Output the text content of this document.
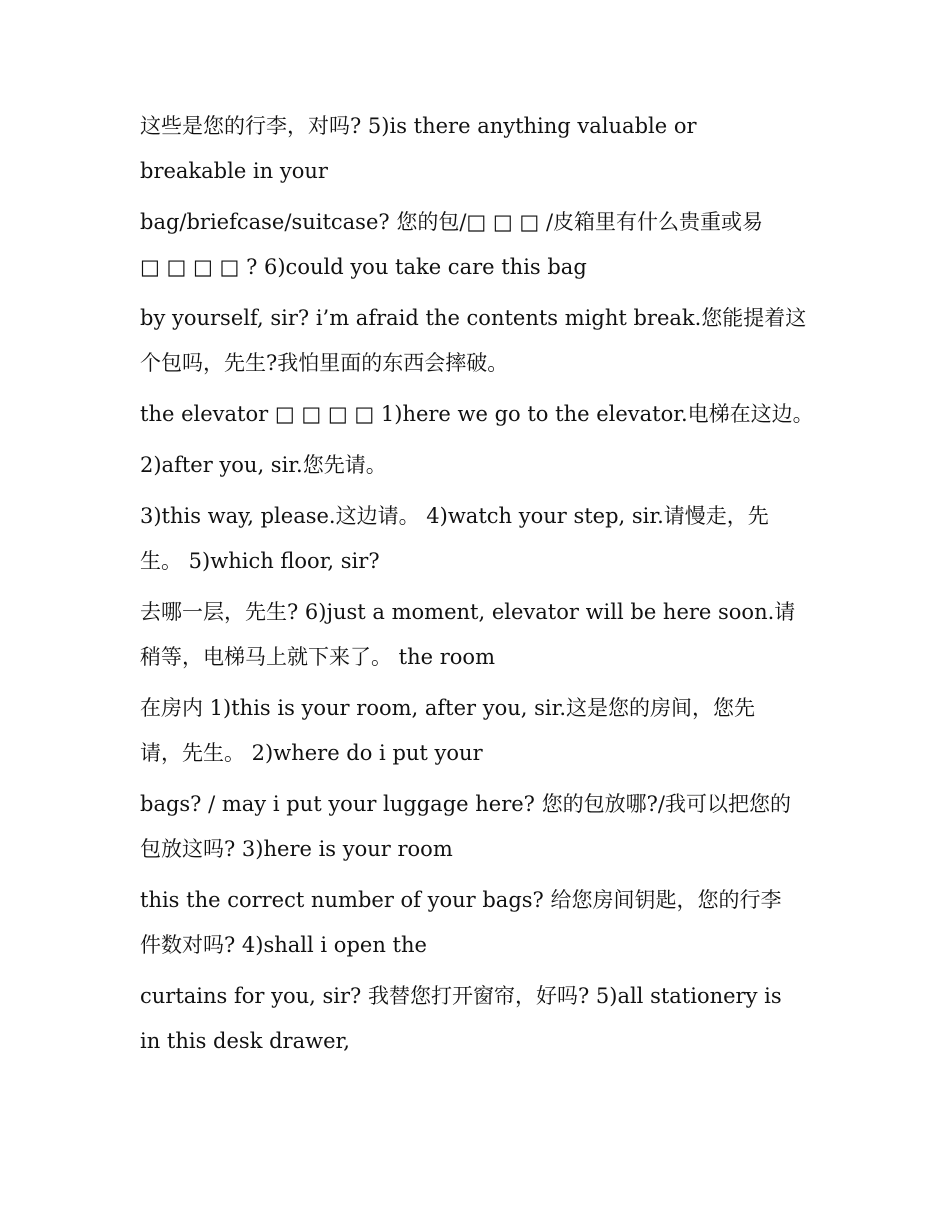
这些是您的行李，对吗? 5)is there anything valuable or
breakable in your

bag/briefcase/suitcase? 您的包/□ □ □ /皮箱里有什么贵重或易
□ □ □ □ ? 6)could you take care this bag

by yourself, sir? i’m afraid the contents might break.您能提着这
个包吗，先生?我怕里面的东西会摔破。

the elevator □ □ □ □ 1)here we go to the elevator.电梯在这边。

2)after you, sir.您先请。

3)this way, please.这边请。 4)watch your step, sir.请慢走，先
生。 5)which floor, sir?

去哪一层，先生? 6)just a moment, elevator will be here soon.请
稍等，电梯马上就下来了。 the room

在房内 1)this is your room, after you, sir.这是您的房间，您先
请，先生。 2)where do i put your

bags? / may i put your luggage here? 您的包放哪?/我可以把您的
包放这吗? 3)here is your room

this the correct number of your bags? 给您房间钥匙，您的行李
件数对吗? 4)shall i open the

curtains for you, sir? 我替您打开窗帘，好吗? 5)all stationery is
in this desk drawer,
